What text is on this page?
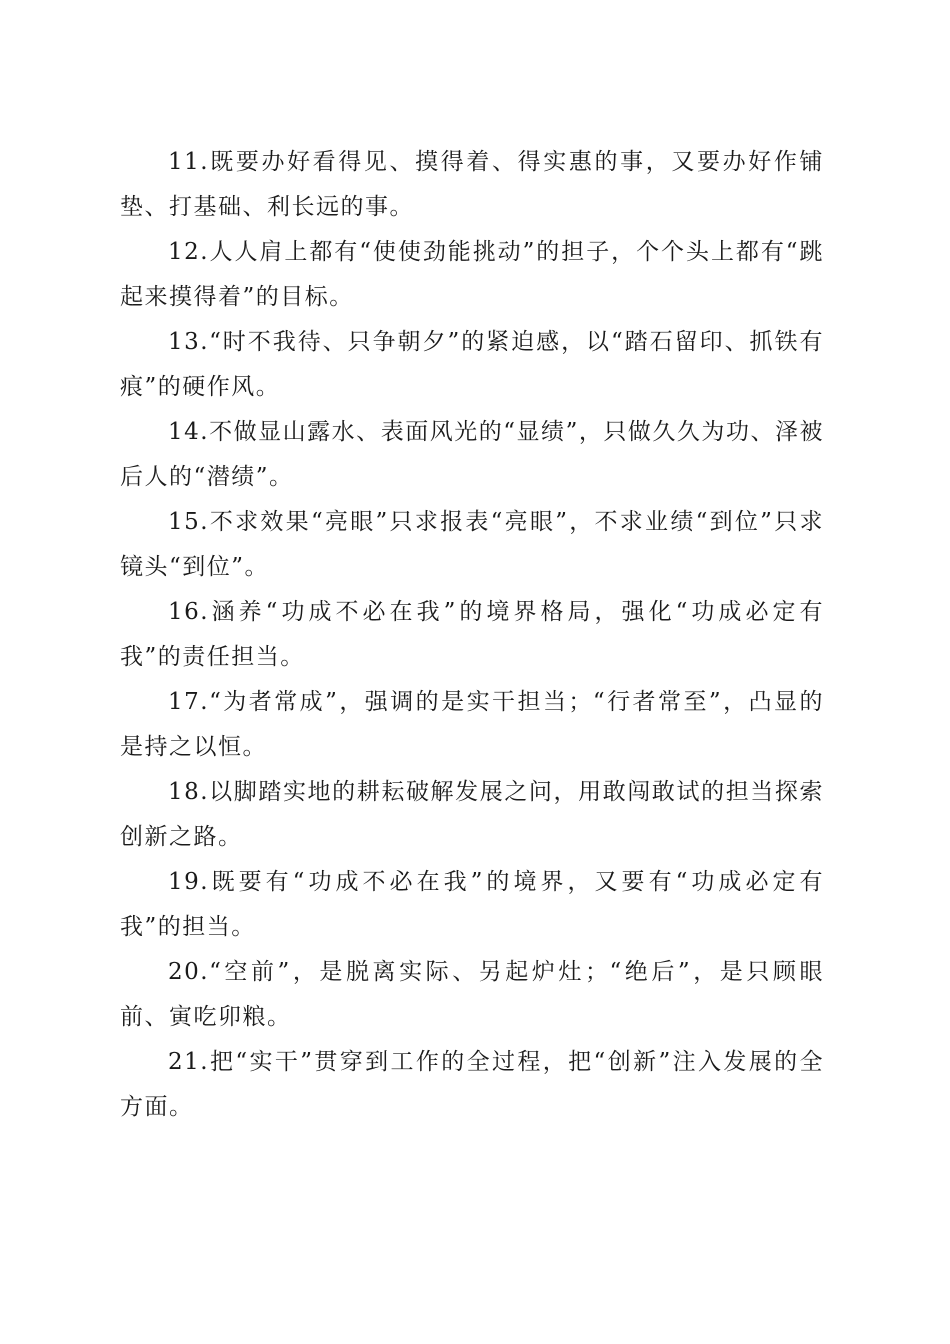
11.既要办好看得见、摸得着、得实惠的事，又要办好作铺垫、打基础、利长远的事。

12.人人肩上都有“使使劲能挑动”的担子，个个头上都有“跳起来摸得着”的目标。

13.“时不我待、只争朝夕”的紧迫感，以“踏石留印、抓铁有痕”的硬作风。

14.不做显山露水、表面风光的“显绩”，只做久久为功、泽被后人的“潜绩”。

15.不求效果“亮眼”只求报表“亮眼”，不求业绩“到位”只求镜头“到位”。

16.涵养“功成不必在我”的境界格局，强化“功成必定有我”的责任担当。

17.“为者常成”，强调的是实干担当；“行者常至”，凸显的是持之以恒。

18.以脚踏实地的耕耘破解发展之问，用敢闯敢试的担当探索创新之路。

19.既要有“功成不必在我”的境界，又要有“功成必定有我”的担当。

20.“空前”，是脱离实际、另起炉灶；“绝后”，是只顾眼前、寅吃卯粮。

21.把“实干”贯穿到工作的全过程，把“创新”注入发展的全方面。
